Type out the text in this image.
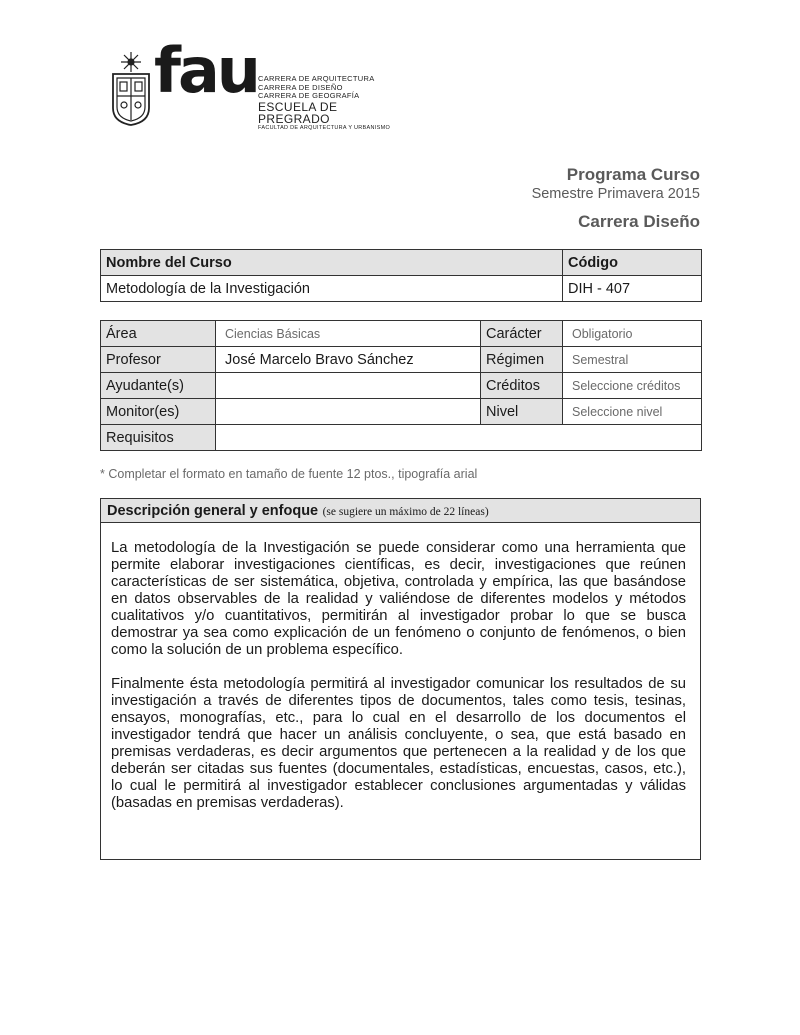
fau CARRERA DE ARQUITECTURA
CARRERA DE DISEÑO
CARRERA DE GEOGRAFÍA
ESCUELA DE PREGRADO
FACULTAD DE ARQUITECTURA Y URBANISMO
Programa Curso
Semestre Primavera 2015
Carrera Diseño
Nombre del Curso	Código
Metodología de la Investigación	DIH - 407
Área	Ciencias Básicas	Carácter	Obligatorio
Profesor	José Marcelo Bravo Sánchez	Régimen	Semestral
Ayudante(s)		Créditos	Seleccione créditos
Monitor(es)		Nivel	Seleccione nivel
Requisitos			
* Completar el formato en tamaño de fuente 12 ptos., tipografía arial
Descripción general y enfoque (se sugiere un máximo de 22 líneas)

La metodología de la Investigación se puede considerar como una herramienta que permite elaborar investigaciones científicas, es decir, investigaciones que reúnen características de ser sistemática, objetiva, controlada y empírica, las que basándose en datos observables de la realidad y valiéndose de diferentes modelos y métodos cualitativos y/o cuantitativos, permitirán al investigador probar lo que se busca demostrar ya sea como explicación de un fenómeno o conjunto de fenómenos, o bien como la solución de un problema específico.

Finalmente ésta metodología permitirá al investigador comunicar los resultados de su investigación a través de diferentes tipos de documentos, tales como tesis, tesinas, ensayos, monografías, etc., para lo cual en el desarrollo de los documentos el investigador tendrá que hacer un análisis concluyente, o sea, que está basado en premisas verdaderas, es decir argumentos que pertenecen a la realidad y de los que deberán ser citadas sus fuentes (documentales, estadísticas, encuestas, casos, etc.), lo cual le permitirá al investigador establecer conclusiones argumentadas y válidas (basadas en premisas verdaderas).
